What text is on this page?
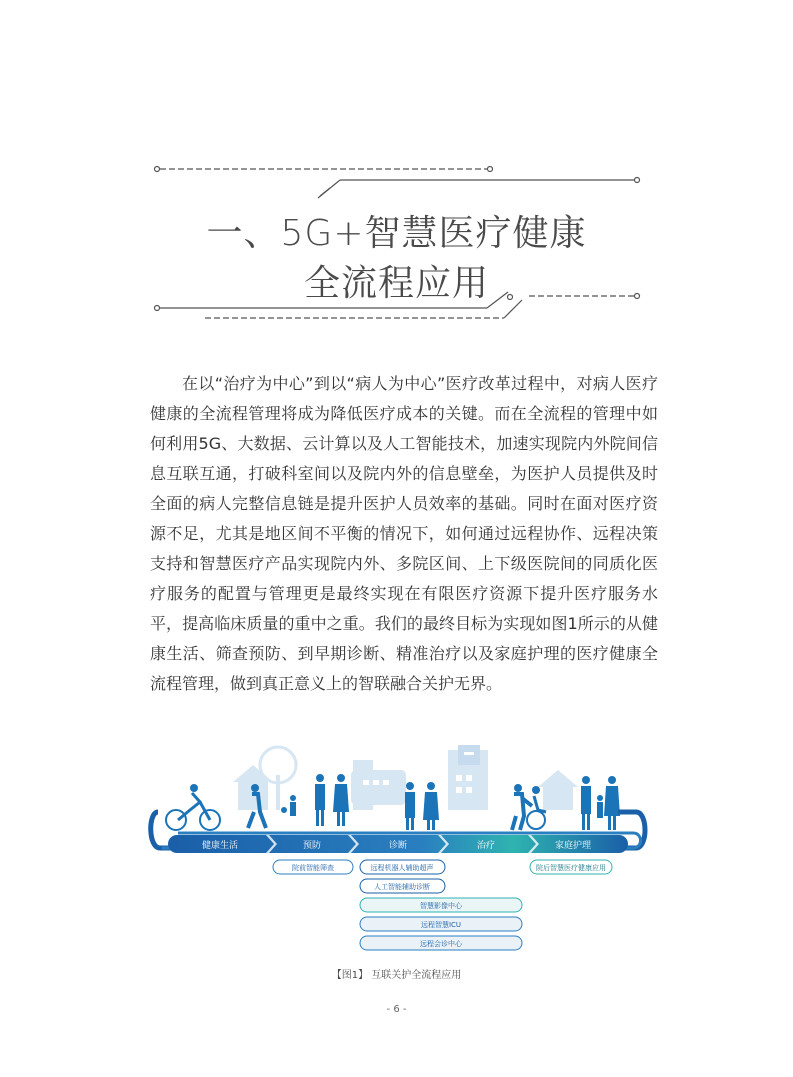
一、5G+智慧医疗健康
全流程应用

在以“治疗为中心”到以“病人为中心”医疗改革过程中，对病人医疗健康的全流程管理将成为降低医疗成本的关键。而在全流程的管理中如何利用5G、大数据、云计算以及人工智能技术，加速实现院内外院间信息互联互通，打破科室间以及院内外的信息壁垒，为医护人员提供及时全面的病人完整信息链是提升医护人员效率的基础。同时在面对医疗资源不足，尤其是地区间不平衡的情况下，如何通过远程协作、远程决策支持和智慧医疗产品实现院内外、多院区间、上下级医院间的同质化医疗服务的配置与管理更是最终实现在有限医疗资源下提升医疗服务水平，提高临床质量的重中之重。我们的最终目标为实现如图1所示的从健康生活、筛查预防、到早期诊断、精准治疗以及家庭护理的医疗健康全流程管理，做到真正意义上的智联融合关护无界。

健康生活	预防	诊断	治疗	家庭护理
院前智能筛查	远程机器人辅助超声
人工智能辅助诊断
院后智慧医疗健康应用
智慧影像中心
远程智慧ICU
远程会诊中心
【图1】 互联关护全流程应用
- 6 -
